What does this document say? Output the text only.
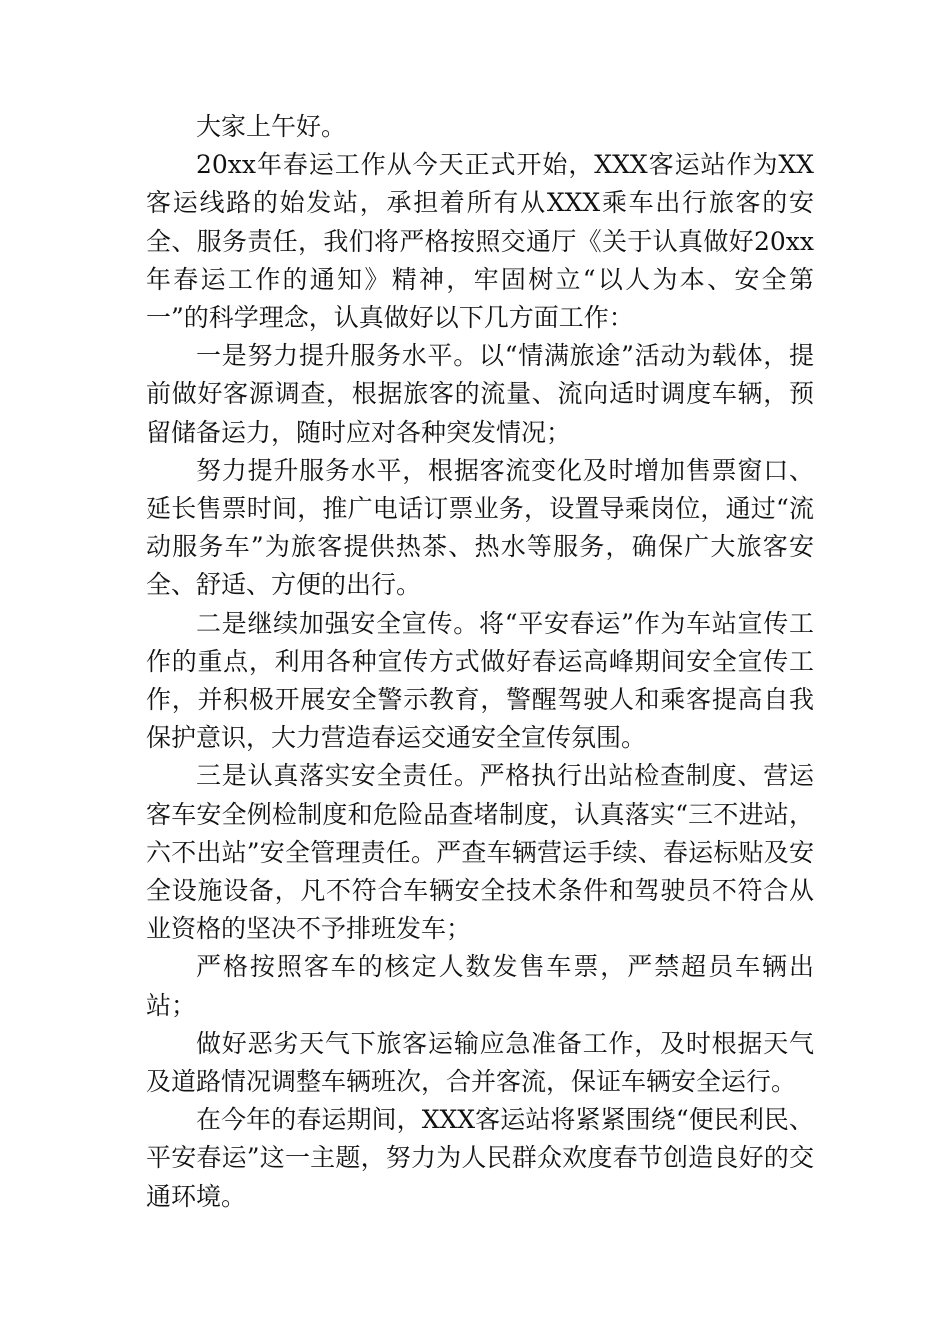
大家上午好。

20xx年春运工作从今天正式开始，XXX客运站作为XX客运线路的始发站，承担着所有从XXX乘车出行旅客的安全、服务责任，我们将严格按照交通厅《关于认真做好20xx年春运工作的通知》精神，牢固树立“以人为本、安全第一”的科学理念，认真做好以下几方面工作：

一是努力提升服务水平。以“情满旅途”活动为载体，提前做好客源调查，根据旅客的流量、流向适时调度车辆，预留储备运力，随时应对各种突发情况；

努力提升服务水平，根据客流变化及时增加售票窗口、延长售票时间，推广电话订票业务，设置导乘岗位，通过“流动服务车”为旅客提供热茶、热水等服务，确保广大旅客安全、舒适、方便的出行。

二是继续加强安全宣传。将“平安春运”作为车站宣传工作的重点，利用各种宣传方式做好春运高峰期间安全宣传工作，并积极开展安全警示教育，警醒驾驶人和乘客提高自我保护意识，大力营造春运交通安全宣传氛围。

三是认真落实安全责任。严格执行出站检查制度、营运客车安全例检制度和危险品查堵制度，认真落实“三不进站，六不出站”安全管理责任。严查车辆营运手续、春运标贴及安全设施设备，凡不符合车辆安全技术条件和驾驶员不符合从业资格的坚决不予排班发车；

严格按照客车的核定人数发售车票，严禁超员车辆出站；

做好恶劣天气下旅客运输应急准备工作，及时根据天气及道路情况调整车辆班次，合并客流，保证车辆安全运行。

在今年的春运期间，XXX客运站将紧紧围绕“便民利民、平安春运”这一主题，努力为人民群众欢度春节创造良好的交通环境。
